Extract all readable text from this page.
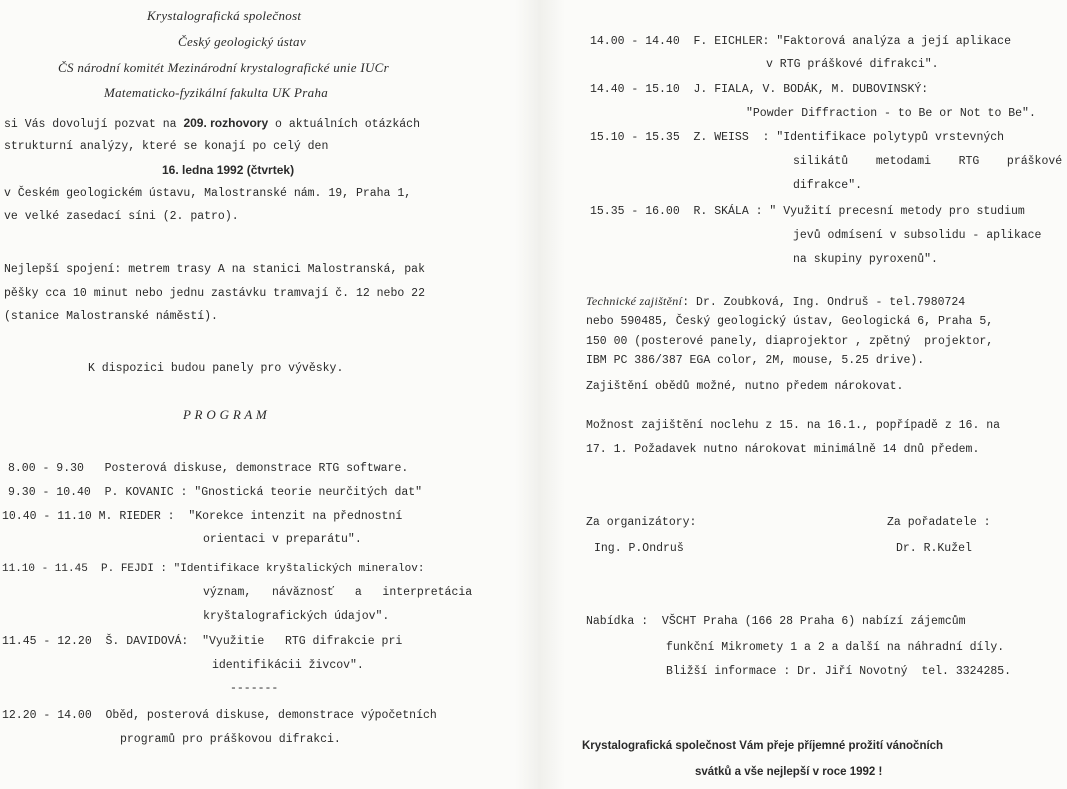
Krystalografická společnost
Český geologický ústav
ČS národní komitét Mezinárodní krystalografické unie IUCr
Matematicko-fyzikální fakulta UK Praha
si Vás dovolují pozvat na 209. rozhovory o aktuálních otázkách
strukturní analýzy, které se konají po celý den
16. ledna 1992 (čtvrtek)
v Českém geologickém ústavu, Malostranské nám. 19, Praha 1,
ve velké zasedací síni (2. patro).
Nejlepší spojení: metrem trasy A na stanici Malostranská, pak
pěšky cca 10 minut nebo jednu zastávku tramvají č. 12 nebo 22
(stanice Malostranské náměstí).
K dispozici budou panely pro vývěsky.
P R O G R A M
8.00 - 9.30   Posterová diskuse, demonstrace RTG software.
9.30 - 10.40  P. KOVANIC : "Gnostická teorie neurčitých dat"
10.40 - 11.10 M. RIEDER :  "Korekce intenzit na přednostní
orientaci v preparátu".
11.10 - 11.45  P. FEJDI : "Identifikace kryštalických mineralov:
význam,   návăznosť   a   interpretácia
kryštalografických údajov".
11.45 - 12.20  Š. DAVIDOVÁ:  "Využitie   RTG difrakcie pri
identifikácii živcov".
-------
12.20 - 14.00  Oběd, posterová diskuse, demonstrace výpočetních
programů pro práškovou difrakci.
14.00 - 14.40  F. EICHLER: "Faktorová analýza a její aplikace
v RTG práškové difrakci".
14.40 - 15.10  J. FIALA, V. BODÁK, M. DUBOVINSKÝ:
"Powder Diffraction - to Be or Not to Be".
15.10 - 15.35  Z. WEISS  : "Identifikace polytypů vrstevných
silikátů    metodami    RTG    práškové
difrakce".
15.35 - 16.00  R. SKÁLA : " Využití precesní metody pro studium
jevů odmísení v subsolidu - aplikace
na skupiny pyroxenů".
Technické zajištění: Dr. Zoubková, Ing. Ondruš - tel.7980724
nebo 590485, Český geologický ústav, Geologická 6, Praha 5,
150 00 (posterové panely, diaprojektor , zpětný  projektor,
IBM PC 386/387 EGA color, 2M, mouse, 5.25 drive).
Zajištění obědů možné, nutno předem nárokovat.
Možnost zajištění noclehu z 15. na 16.1., popřípadě z 16. na
17. 1. Požadavek nutno nárokovat minimálně 14 dnů předem.
Za organizátory:
Ing. P.Ondruš
Za pořadatele :
Dr. R.Kužel
Nabídka :  VŠCHT Praha (166 28 Praha 6) nabízí zájemcům
funkční Mikromety 1 a 2 a další na náhradní díly.
Bližší informace : Dr. Jiří Novotný  tel. 3324285.
Krystalografická společnost Vám přeje příjemné prožití vánočních
svátků a vše nejlepší v roce 1992 !
